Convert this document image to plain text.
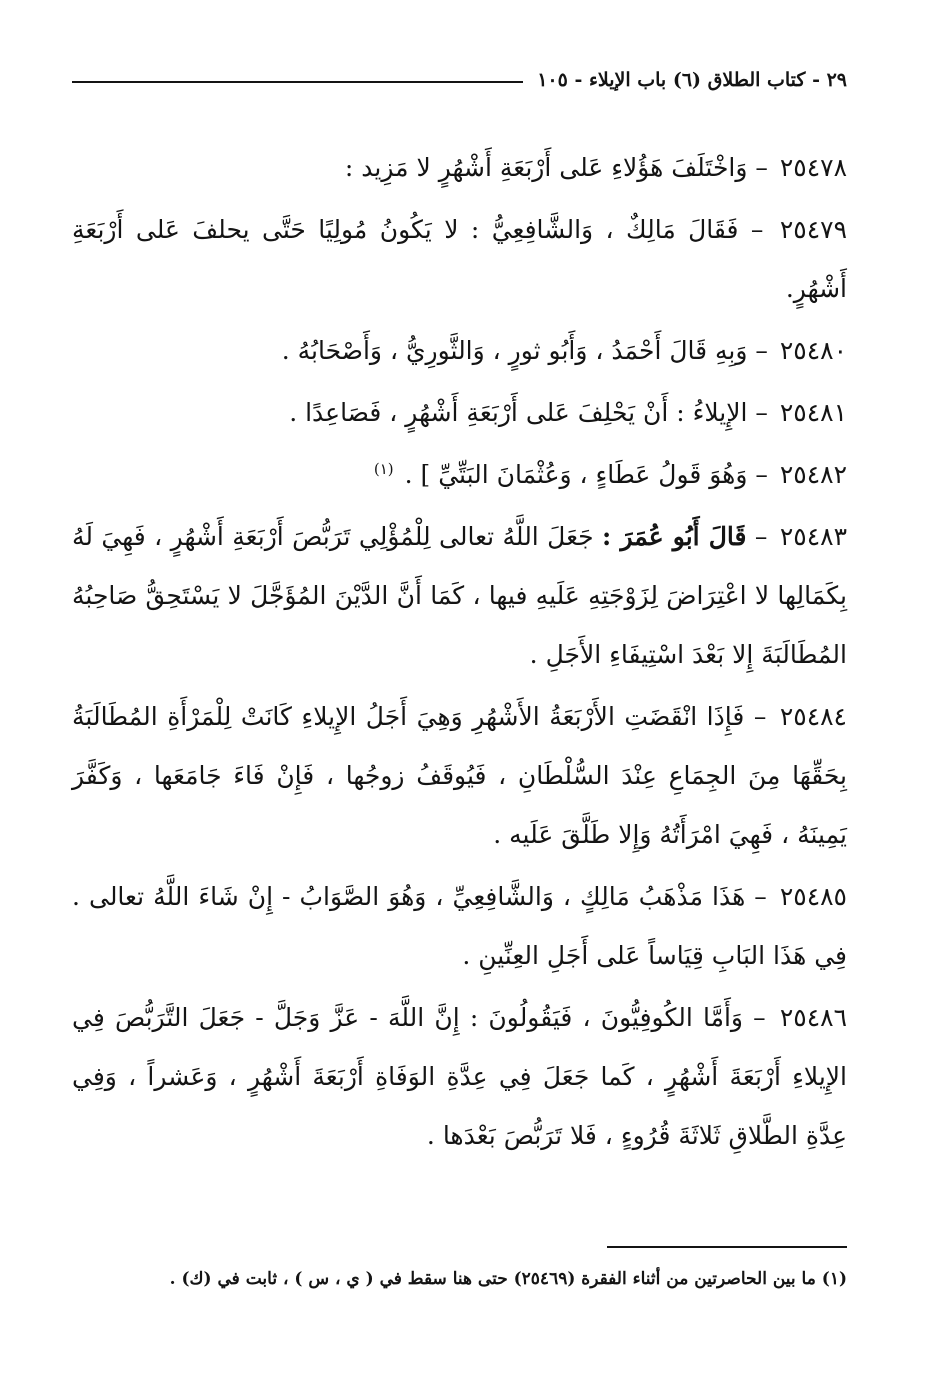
٢٩ - كتاب الطلاق (٦) باب الإيلاء - ١٠٥

٢٥٤٧٨ – وَاخْتَلَفَ هَؤُلاءِ عَلى أَرْبَعَةِ أَشْهُرٍ لا مَزِيد :

٢٥٤٧٩ – فَقَالَ مَالِكٌ ، وَالشَّافِعِيُّ : لا يَكُونُ مُولِيًا حَتَّى يحلفَ عَلى أَرْبَعَةِ أَشْهُرٍ.

٢٥٤٨٠ – وَبِهِ قَالَ أَحْمَدُ ، وَأَبُو ثورٍ ، وَالثَّورِيُّ ، وَأَصْحَابُهُ .

٢٥٤٨١ – الإِيلاءُ : أَنْ يَحْلِفَ عَلى أَرْبَعَةِ أَشْهُرٍ ، فَصَاعِدًا .

٢٥٤٨٢ – وَهُوَ قَولُ عَطَاءٍ ، وَعُثْمَانَ البَتِّيِّ ] . $^{(١)}$

٢٥٤٨٣ – قَالَ أَبُو عُمَرَ : جَعَلَ اللَّهُ تعالى لِلْمُؤْلِي تَرَبُّصَ أَرْبَعَةِ أَشْهُرٍ ، فَهِيَ لَهُ بِكَمَالِها لا اعْتِرَاضَ لِزَوْجَتِهِ عَلَيهِ فيها ، كَمَا أَنَّ الدَّيْنَ المُؤَجَّلَ لا يَسْتَحِقُّ صَاحِبُهُ المُطَالَبَةَ إِلا بَعْدَ اسْتِيفَاءِ الأَجَلِ .

٢٥٤٨٤ – فَإِذَا انْقَضَتِ الأَرْبَعَةُ الأَشْهُرِ وَهِيَ أَجَلُ الإِيلاءِ كَانَتْ لِلْمَرْأَةِ المُطَالَبَةُ بِحَقِّهَا مِنَ الجِمَاعِ عِنْدَ السُّلْطَانِ ، فَيُوقَفُ زوجُها ، فَإِنْ فَاءَ جَامَعَها ، وَكَفَّرَ يَمِينَهُ ، فَهِيَ امْرَأَتُهُ وَإِلا طَلَّقَ عَلَيه .

٢٥٤٨٥ – هَذَا مَذْهَبُ مَالِكٍ ، وَالشَّافِعِيِّ ، وَهُوَ الصَّوَابُ - إِنْ شَاءَ اللَّهُ تعالى . فِي هَذَا البَابِ قِيَاساً عَلى أَجَلِ العِنِّينِ .

٢٥٤٨٦ – وَأَمَّا الكُوفِيُّونَ ، فَيَقُولُونَ : إِنَّ اللَّهَ - عَزَّ وَجَلَّ - جَعَلَ التَّرَبُّصَ فِي الإِيلاءِ أَرْبَعَةَ أَشْهُرٍ ، كَما جَعَلَ فِي عِدَّةِ الوَفَاةِ أَرْبَعَةَ أَشْهُرٍ ، وَعَشراً ، وَفِي عِدَّةِ الطَّلاقِ ثَلاثَةَ قُرُوءٍ ، فَلا تَرَبُّصَ بَعْدَها .

(١) ما بين الحاصرتين من أثناء الفقرة (٢٥٤٦٩) حتى هنا سقط في ( ي ، س ) ، ثابت في (ك) .
